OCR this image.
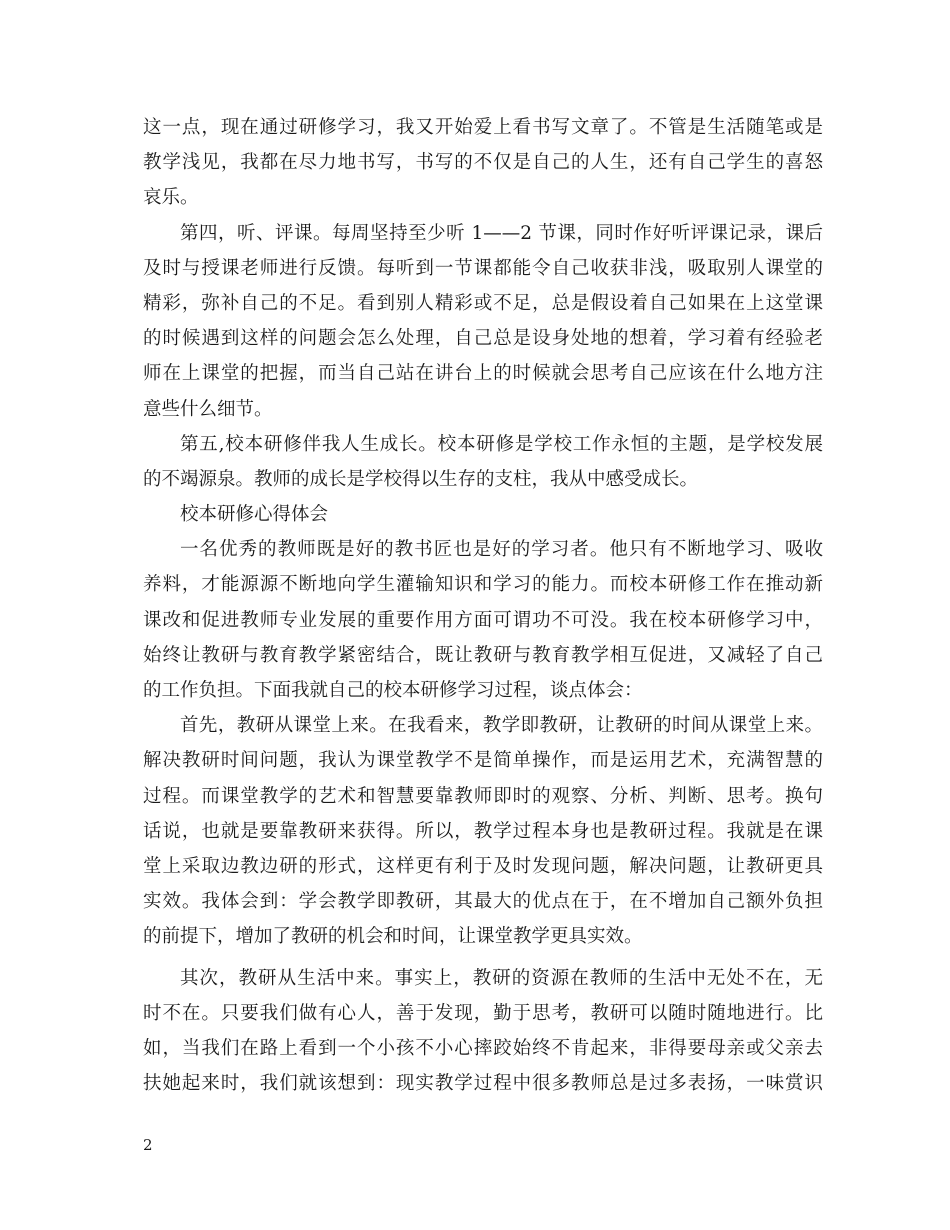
这一点，现在通过研修学习，我又开始爱上看书写文章了。不管是生活随笔或是
教学浅见，我都在尽力地书写，书写的不仅是自己的人生，还有自己学生的喜怒
哀乐。
第四，听、评课。每周坚持至少听 1——2 节课，同时作好听评课记录，课后
及时与授课老师进行反馈。每听到一节课都能令自己收获非浅，吸取别人课堂的
精彩，弥补自己的不足。看到别人精彩或不足，总是假设着自己如果在上这堂课
的时候遇到这样的问题会怎么处理，自己总是设身处地的想着，学习着有经验老
师在上课堂的把握，而当自己站在讲台上的时候就会思考自己应该在什么地方注
意些什么细节。
第五,校本研修伴我人生成长。校本研修是学校工作永恒的主题，是学校发展
的不竭源泉。教师的成长是学校得以生存的支柱，我从中感受成长。
校本研修心得体会
一名优秀的教师既是好的教书匠也是好的学习者。他只有不断地学习、吸收
养料，才能源源不断地向学生灌输知识和学习的能力。而校本研修工作在推动新
课改和促进教师专业发展的重要作用方面可谓功不可没。我在校本研修学习中，
始终让教研与教育教学紧密结合，既让教研与教育教学相互促进，又减轻了自己
的工作负担。下面我就自己的校本研修学习过程，谈点体会：
首先，教研从课堂上来。在我看来，教学即教研，让教研的时间从课堂上来。
解决教研时间问题，我认为课堂教学不是简单操作，而是运用艺术，充满智慧的
过程。而课堂教学的艺术和智慧要靠教师即时的观察、分析、判断、思考。换句
话说，也就是要靠教研来获得。所以，教学过程本身也是教研过程。我就是在课
堂上采取边教边研的形式，这样更有利于及时发现问题，解决问题，让教研更具
实效。我体会到：学会教学即教研，其最大的优点在于，在不增加自己额外负担
的前提下，增加了教研的机会和时间，让课堂教学更具实效。
其次，教研从生活中来。事实上，教研的资源在教师的生活中无处不在，无
时不在。只要我们做有心人，善于发现，勤于思考，教研可以随时随地进行。比
如，当我们在路上看到一个小孩不小心摔跤始终不肯起来，非得要母亲或父亲去
扶她起来时，我们就该想到：现实教学过程中很多教师总是过多表扬，一味赏识
2
